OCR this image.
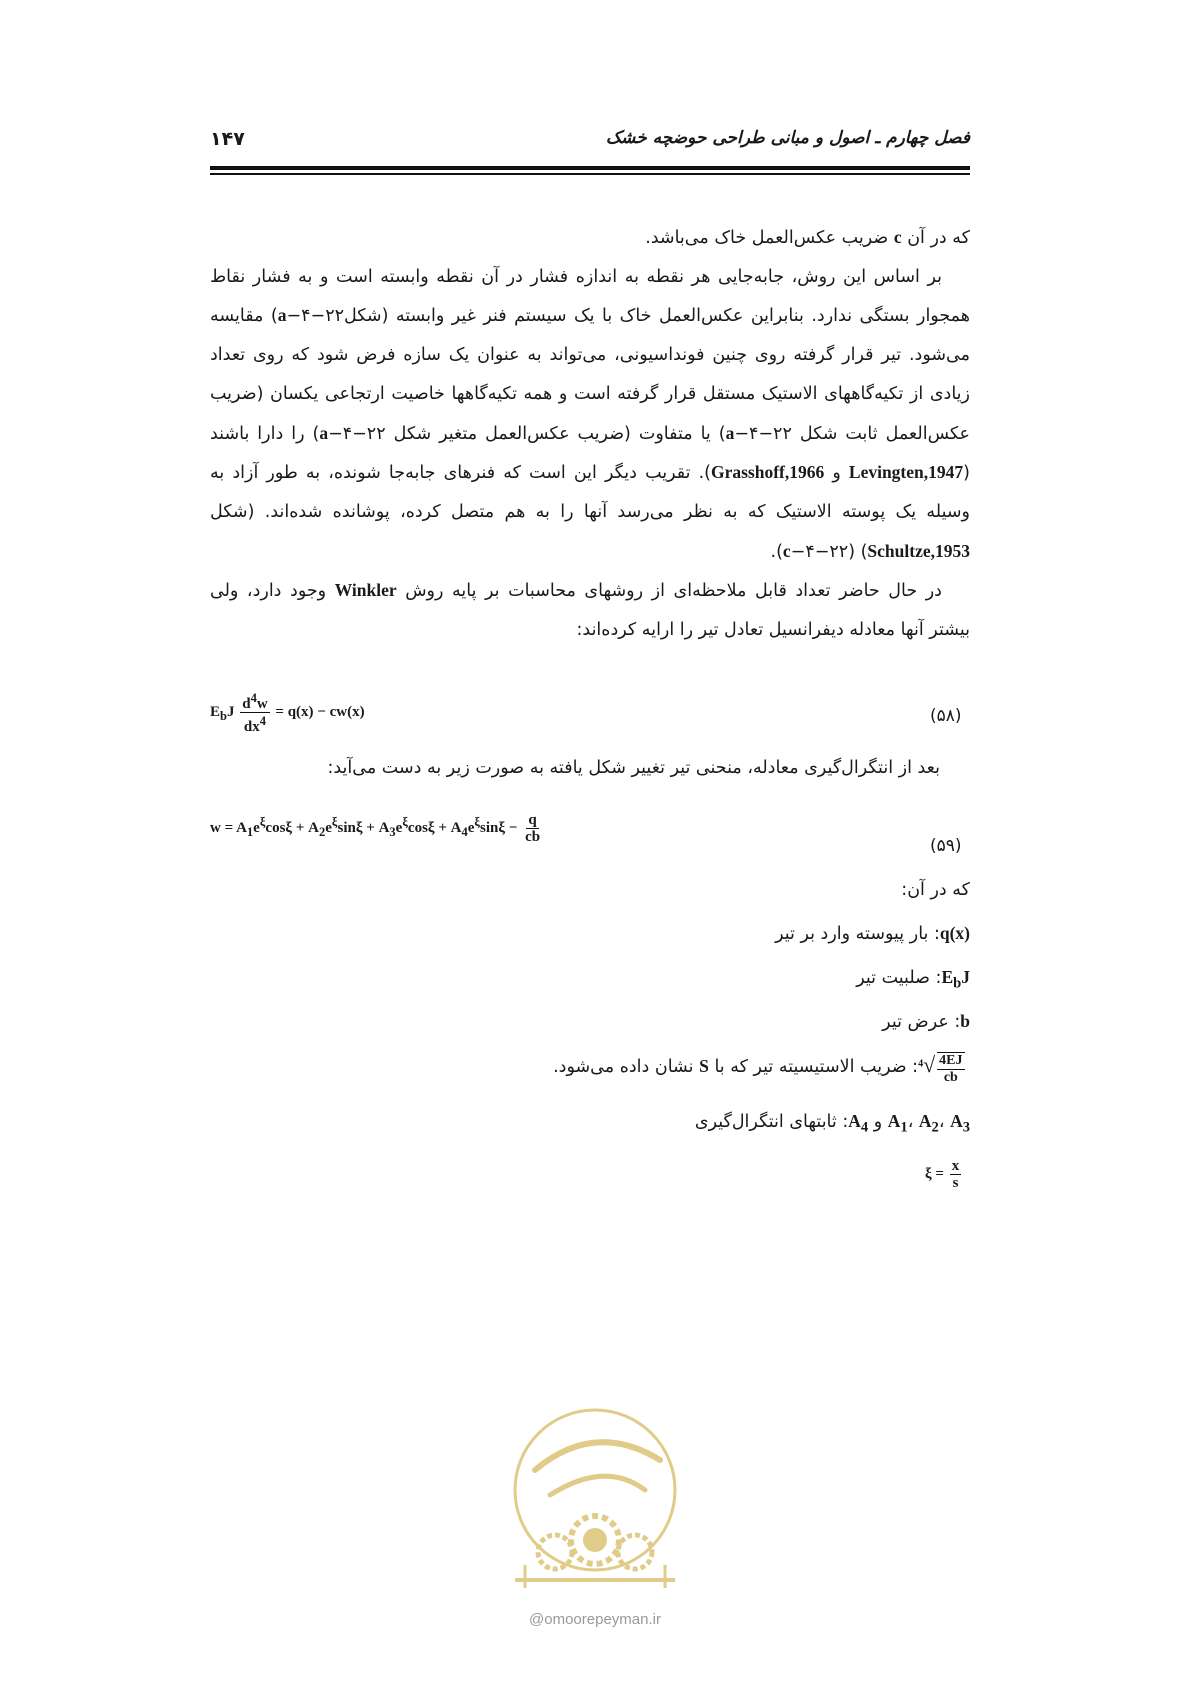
۱۴۷	فصل چهارم ـ اصول و مبانی طراحی حوضچه خشک

که در آن c ضریب عکس‌العمل خاک می‌باشد.

بر اساس این روش، جابه‌جایی هر نقطه به اندازه فشار در آن نقطه وابسته است و به فشار نقاط همجوار بستگی ندارد. بنابراین عکس‌العمل خاک با یک سیستم فنر غیر وابسته (شکلa−۴−۲۲) مقایسه می‌شود. تیر قرار گرفته روی چنین فونداسیونی، می‌تواند به عنوان یک سازه فرض شود که روی تعداد زیادی از تکیه‌گاههای الاستیک مستقل قرار گرفته است و همه تکیه‌گاهها خاصیت ارتجاعی یکسان (ضریب عکس‌العمل ثابت شکل a−۴−۲۲) یا متفاوت (ضریب عکس‌العمل متغیر شکل a−۴−۲۲) را دارا باشند (Levingten,1947 و Grasshoff,1966). تقریب دیگر این است که فنرهای جابه‌جا شونده، به طور آزاد به وسیله یک پوسته الاستیک که به نظر می‌رسد آنها را به هم متصل کرده، پوشانده شده‌اند. (شکل c−۴−۲۲) (Schultze,1953).

در حال حاضر تعداد قابل ملاحظه‌ای از روشهای محاسبات بر پایه روش Winkler وجود دارد، ولی بیشتر آنها معادله دیفرانسیل تعادل تیر را ارایه کرده‌اند:

$E_bJ \frac{d^4w}{dx^4} = q(x) - cw(x)$	(۵۸)
بعد از انتگرال‌گیری معادله، منحنی تیر تغییر شکل یافته به صورت زیر به دست می‌آید:
$w = A_1e^\xi\cos\xi + A_2e^\xi\sin\xi + A_3e^\xi\cos\xi + A_4e^\xi\sin\xi - \frac{q}{cb}$
(۵۹)
که در آن:
q(x): بار پیوسته وارد بر تیر
$E_bJ$: صلبیت تیر
b: عرض تیر
$^4√ \frac{4EJ}{cb}$
: ضریب الاستیسیته تیر که با S نشان داده می‌شود.
$A_1،$ $A_2،$ $A_3$ و $A_4$: ثابتهای انتگرال‌گیری
$\xi = \frac{x}{s}$
@omoorepeyman.ir
